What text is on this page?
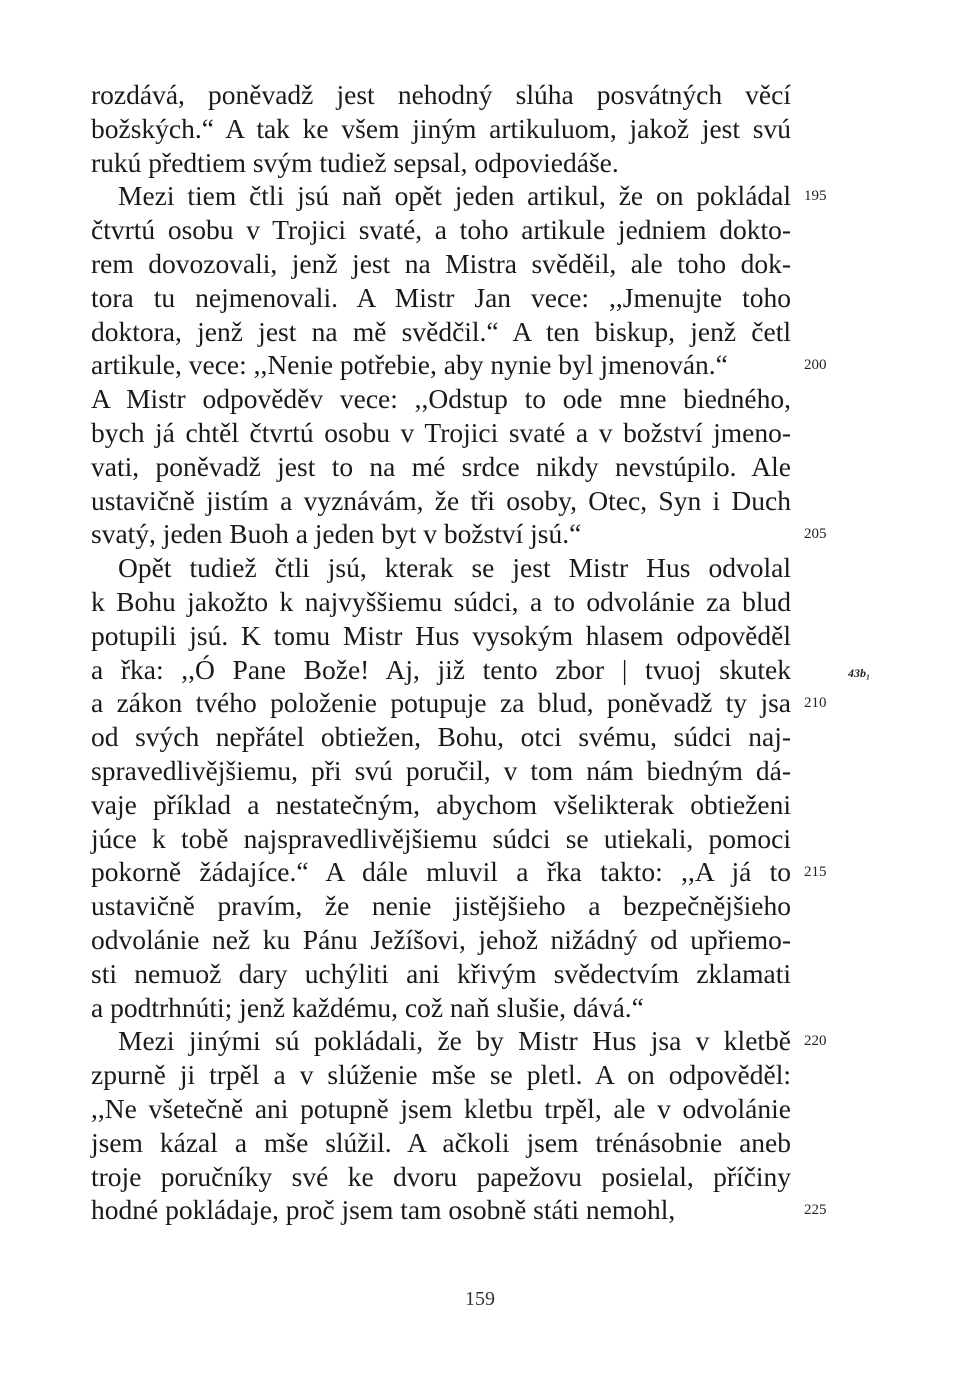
rozdává, poněvadž jest nehodný slúha posvátných věcí
božských.“ A tak ke všem jiným artikuluom, jakož jest svú
rukú předtiem svým tudiež sepsal, odpoviedáše.
Mezi tiem čtli jsú naň opět jeden artikul, že on pokládal
čtvrtú osobu v Trojici svaté, a toho artikule jedniem dokto-
rem dovozovali, jenž jest na Mistra svěděil, ale toho dok-
tora tu nejmenovali. A Mistr Jan vece: ,,Jmenujte toho
doktora, jenž jest na mě svědčil.“ A ten biskup, jenž četl
artikule, vece: ,,Nenie potřebie, aby nynie byl jmenován.“
A Mistr odpověděv vece: ,,Odstup to ode mne biedného,
bych já chtěl čtvrtú osobu v Trojici svaté a v božství jmeno-
vati, poněvadž jest to na mé srdce nikdy nevstúpilo. Ale
ustavičně jistím a vyznávám, že tři osoby, Otec, Syn i Duch
svatý, jeden Buoh a jeden byt v božství jsú.“
Opět tudiež čtli jsú, kterak se jest Mistr Hus odvolal
k Bohu jakožto k najvyššiemu súdci, a to odvolánie za blud
potupili jsú. K tomu Mistr Hus vysokým hlasem odpověděl
a řka: ,,Ó Pane Bože! Aj, již tento zbor | tvuoj skutek
a zákon tvého položenie potupuje za blud, poněvadž ty jsa
od svých nepřátel obtiežen, Bohu, otci svému, súdci naj-
spravedlivějšiemu, při svú poručil, v tom nám biedným dá-
vaje příklad a nestatečným, abychom všelikterak obtieženi
júce k tobě najspravedlivějšiemu súdci se utiekali, pomoci
pokorně žádajíce.“ A dále mluvil a řka takto: ,,A já to
ustavičně pravím, že nenie jistějšieho a bezpečnějšieho
odvolánie než ku Pánu Ježíšovi, jehož nižádný od upřiemo-
sti nemuož dary uchýliti ani křivým svědectvím zklamati
a podtrhnúti; jenž každému, což naň slušie, dává.“
Mezi jinými sú pokládali, že by Mistr Hus jsa v kletbě
zpurně ji trpěl a v slúženie mše se pletl. A on odpověděl:
,,Ne všetečně ani potupně jsem kletbu trpěl, ale v odvolánie
jsem kázal a mše slúžil. A ačkoli jsem trénásobnie aneb
troje poručníky své ke dvoru papežovu posielal, příčiny
hodné pokládaje, proč jsem tam osobně státi nemohl,
195
200
205
210
215
220
225
43b₁
159
